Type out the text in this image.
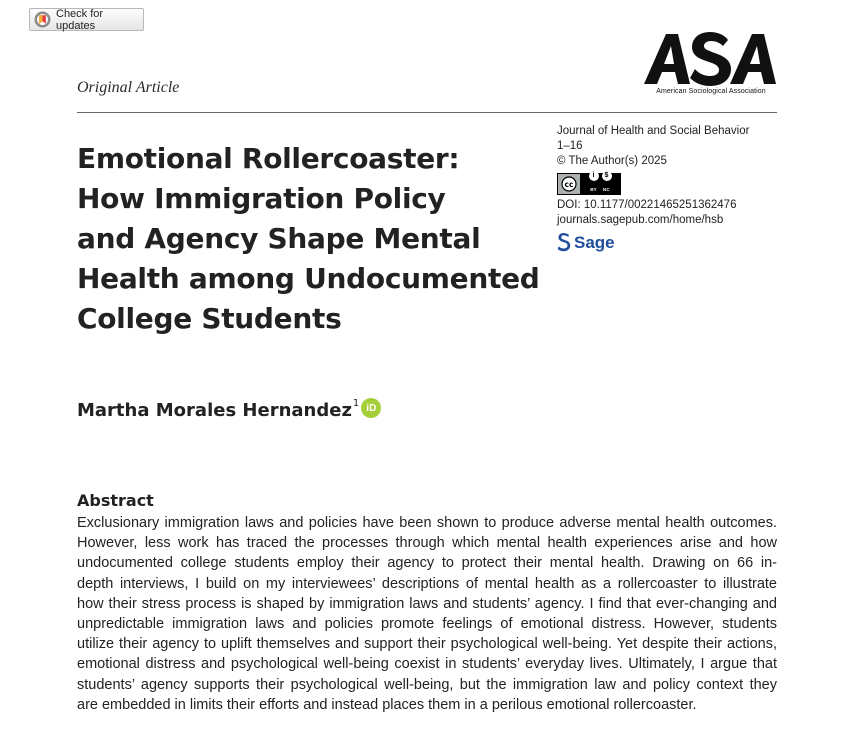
Check for updates
American Sociological Association
Original Article
Emotional Rollercoaster:
How Immigration Policy
and Agency Shape Mental
Health among Undocumented
College Students
Journal of Health and Social Behavior
1–16
© The Author(s) 2025
cc
i	$
BY NC
DOI: 10.1177/00221465251362476
journals.sagepub.com/home/hsb
Sage
Martha Morales Hernandez$^1$ iD
Abstract

Exclusionary immigration laws and policies have been shown to produce adverse mental health outcomes.
However, less work has traced the processes through which mental health experiences arise and how
undocumented college students employ their agency to protect their mental health. Drawing on 66 in-
depth interviews, I build on my interviewees’ descriptions of mental health as a rollercoaster to illustrate
how their stress process is shaped by immigration laws and students’ agency. I find that ever-changing and
unpredictable immigration laws and policies promote feelings of emotional distress. However, students
utilize their agency to uplift themselves and support their psychological well-being. Yet despite their actions,
emotional distress and psychological well-being coexist in students’ everyday lives. Ultimately, I argue that
students’ agency supports their psychological well-being, but the immigration law and policy context they
are embedded in limits their efforts and instead places them in a perilous emotional rollercoaster.
